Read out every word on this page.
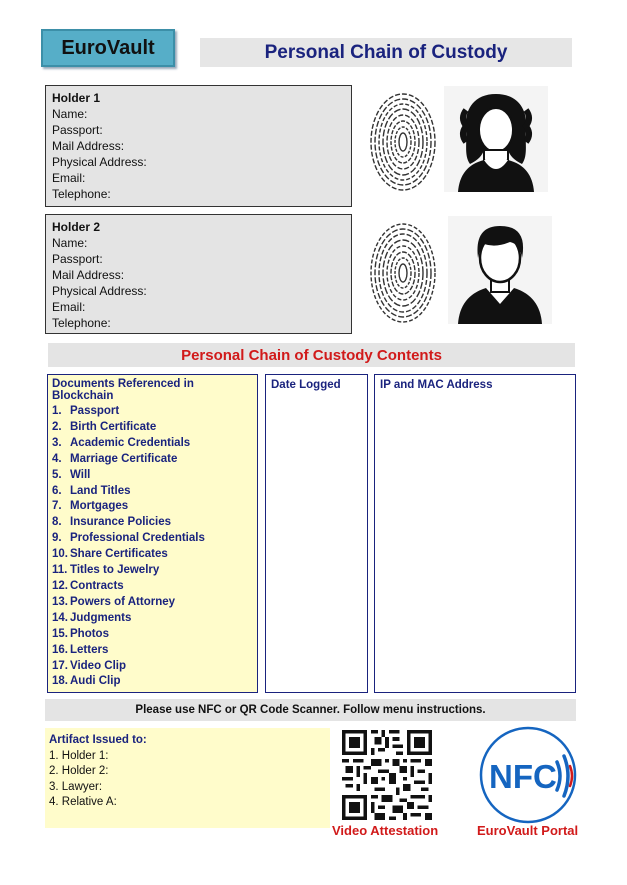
EuroVault	Personal Chain of Custody
Holder 1
Name:
Passport:
Mail Address:
Physical Address:
Email:
Telephone:
Holder 2
Name:
Passport:
Mail Address:
Physical Address:
Email:
Telephone:
Personal Chain of Custody Contents
Documents Referenced in Blockchain
1. Passport
2. Birth Certificate
3. Academic Credentials
4. Marriage Certificate
5. Will
6. Land Titles
7. Mortgages
8. Insurance Policies
9. Professional Credentials
10. Share Certificates
11. Titles to Jewelry
12. Contracts
13. Powers of Attorney
14. Judgments
15. Photos
16. Letters
17. Video Clip
18. Audi Clip
Date Logged	IP and MAC Address
Please use NFC or QR Code Scanner. Follow menu instructions.
Artifact Issued to:
1. Holder 1:
2. Holder 2:
3. Lawyer:
4. Relative A:
Video Attestation
NFC
EuroVault Portal
